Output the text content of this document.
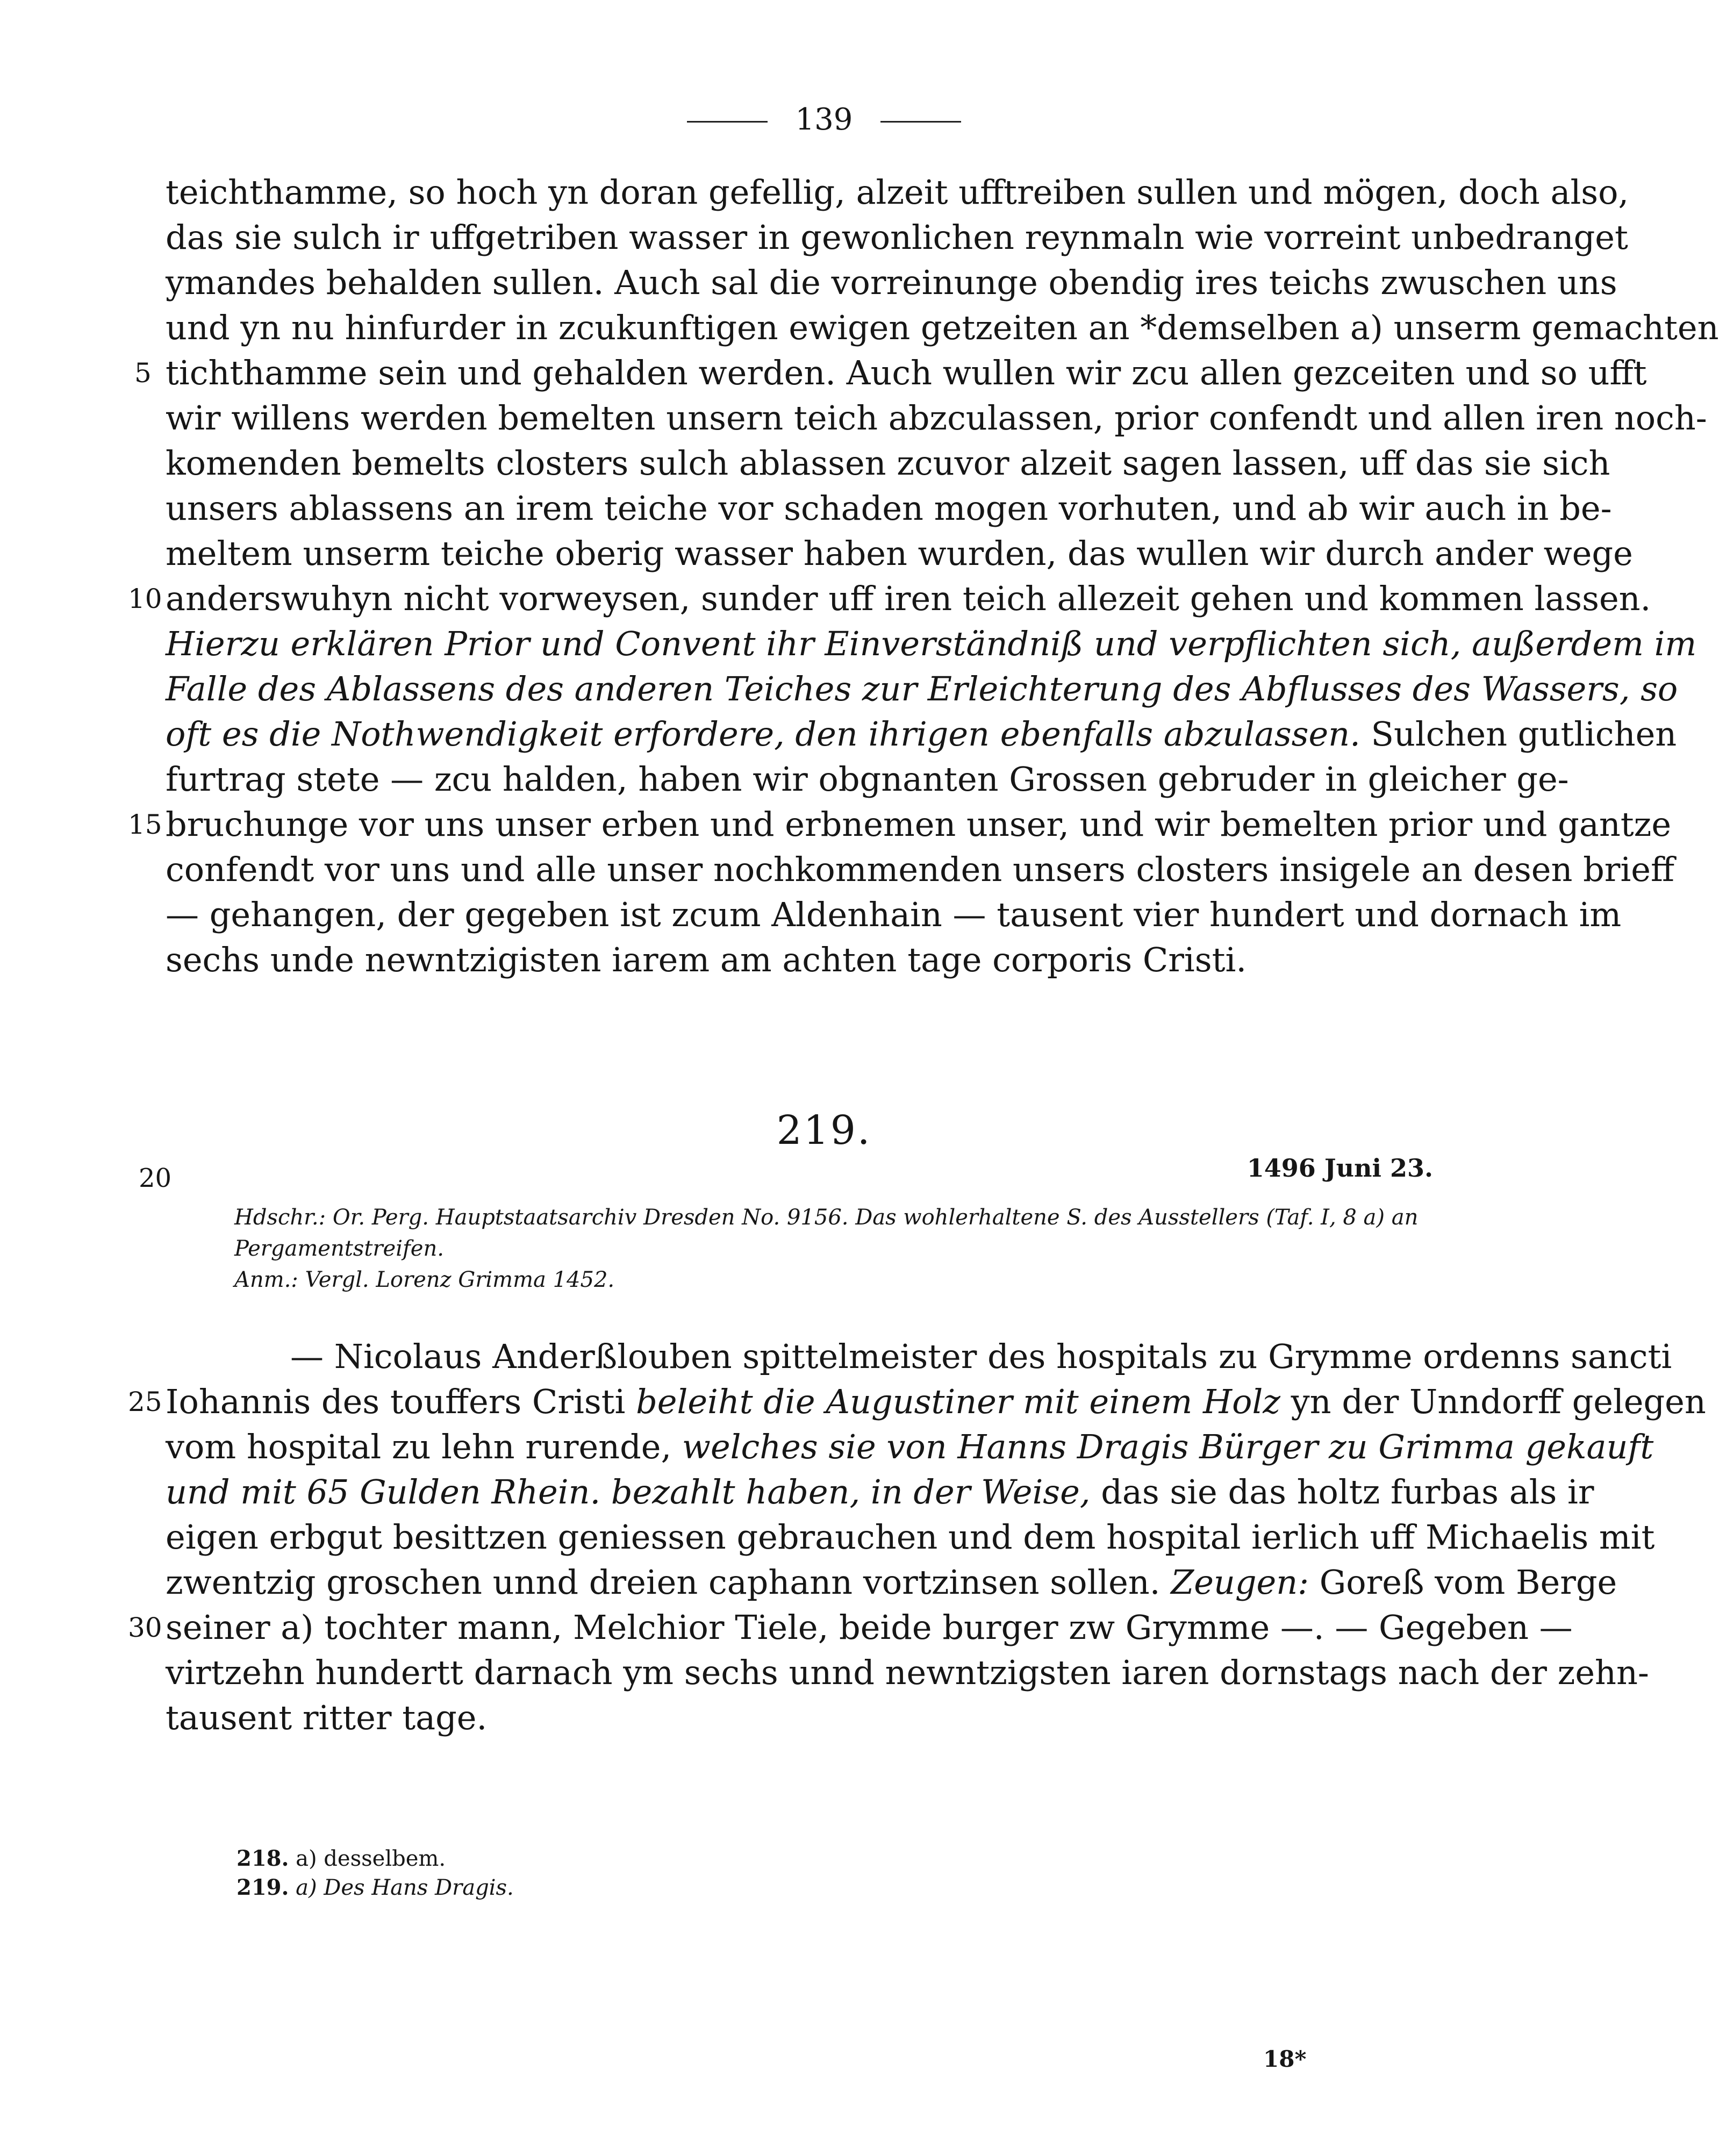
139
teichthamme, so hoch yn doran gefellig, alzeit ufftreiben sullen und mögen, doch also,
das sie sulch ir uffgetriben wasser in gewonlichen reynmaln wie vorreint unbedranget
ymandes behalden sullen. Auch sal die vorreinunge obendig ires teichs zwuschen uns
und yn nu hinfurder in zcukunftigen ewigen getzeiten an *demselben a) unserm gemachten
5 tichthamme sein und gehalden werden. Auch wullen wir zcu allen gezceiten und so ufft
wir willens werden bemelten unsern teich abzculassen, prior confendt und allen iren noch-
komenden bemelts closters sulch ablassen zcuvor alzeit sagen lassen, uff das sie sich
unsers ablassens an irem teiche vor schaden mogen vorhuten, und ab wir auch in be-
meltem unserm teiche oberig wasser haben wurden, das wullen wir durch ander wege
10 anderswuhyn nicht vorweysen, sunder uff iren teich allezeit gehen und kommen lassen.
Hierzu erklären Prior und Convent ihr Einverständniß und verpflichten sich, außerdem im
Falle des Ablassens des anderen Teiches zur Erleichterung des Abflusses des Wassers, so
oft es die Nothwendigkeit erfordere, den ihrigen ebenfalls abzulassen. Sulchen gutlichen
furtrag stete — zcu halden, haben wir obgnanten Grossen gebruder in gleicher ge-
15 bruchunge vor uns unser erben und erbnemen unser, und wir bemelten prior und gantze
confendt vor uns und alle unser nochkommenden unsers closters insigele an desen brieff
— gehangen, der gegeben ist zcum Aldenhain — tausent vier hundert und dornach im
sechs unde newntzigisten iarem am achten tage corporis Cristi.
219.
20	1496 Juni 23.
Hdschr.: Or. Perg. Hauptstaatsarchiv Dresden No. 9156. Das wohlerhaltene S. des Ausstellers (Taf. I, 8 a) an
Pergamentstreifen.
Anm.: Vergl. Lorenz Grimma 1452.
— Nicolaus Anderßlouben spittelmeister des hospitals zu Grymme ordenns sancti
25 Iohannis des touffers Cristi beleiht die Augustiner mit einem Holz yn der Unndorff gelegen
vom hospital zu lehn rurende, welches sie von Hanns Dragis Bürger zu Grimma gekauft
und mit 65 Gulden Rhein. bezahlt haben, in der Weise, das sie das holtz furbas als ir
eigen erbgut besittzen geniessen gebrauchen und dem hospital ierlich uff Michaelis mit
zwentzig groschen unnd dreien caphann vortzinsen sollen. Zeugen: Goreß vom Berge
30 seiner a) tochter mann, Melchior Tiele, beide burger zw Grymme —. — Gegeben —
virtzehn hundertt darnach ym sechs unnd newntzigsten iaren dornstags nach der zehn-
tausent ritter tage.
218. a) desselbem.
219. a) Des Hans Dragis.
18*
